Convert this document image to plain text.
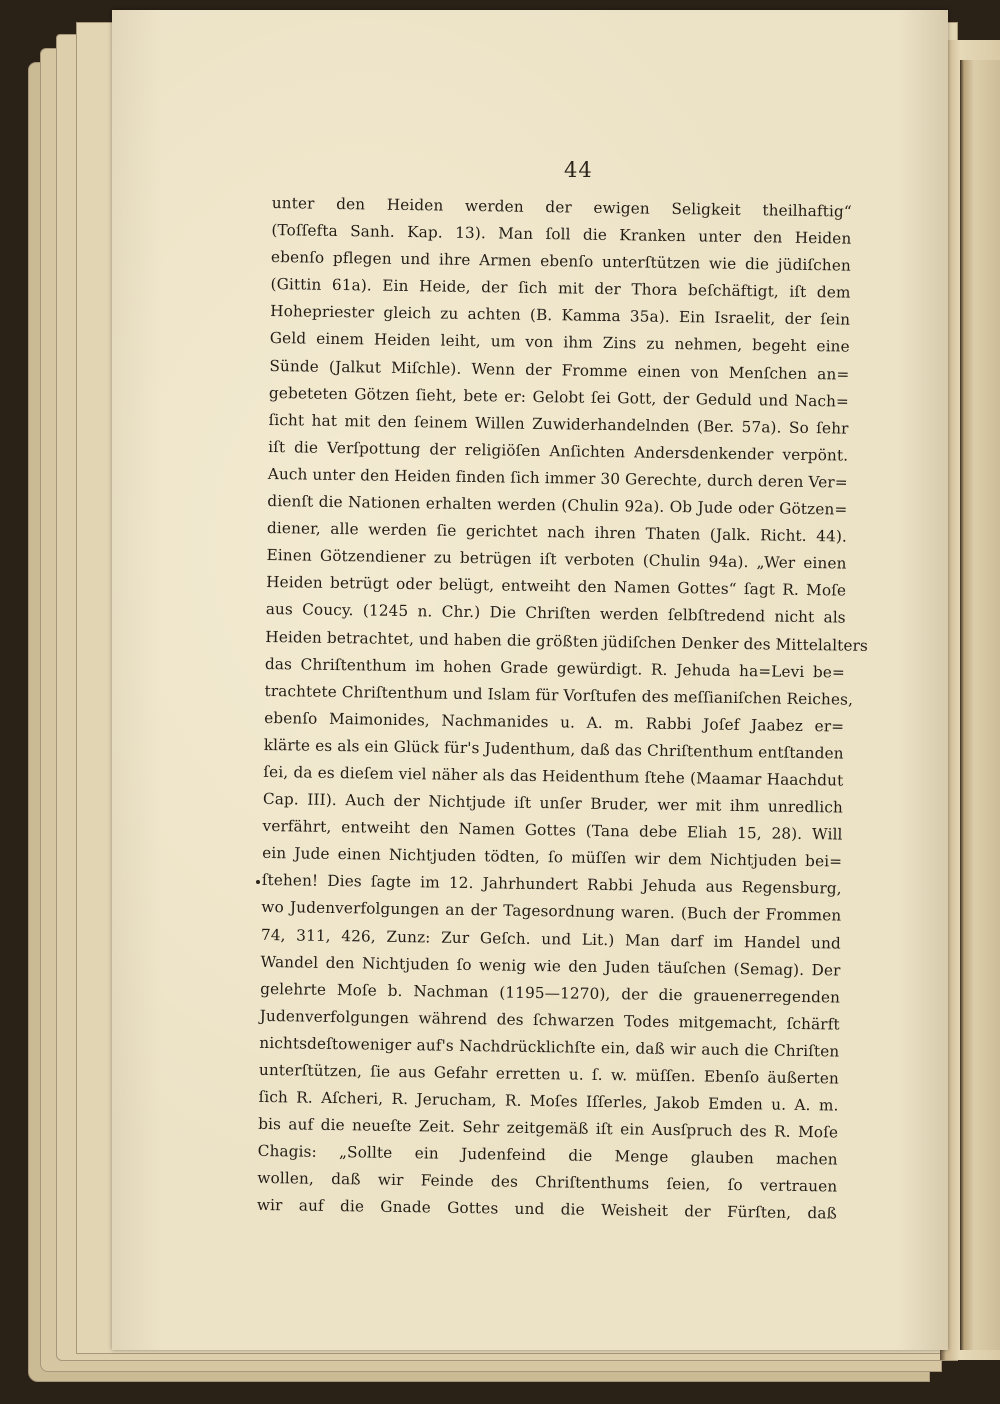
44
unter den Heiden werden der ewigen Seligkeit theilhaftig“
(Toſſefta Sanh. Kap. 13). Man ſoll die Kranken unter den Heiden
ebenſo pflegen und ihre Armen ebenſo unterſtützen wie die jüdiſchen
(Gittin 61a). Ein Heide, der ſich mit der Thora beſchäftigt, iſt dem
Hohepriester gleich zu achten (B. Kamma 35a). Ein Israelit, der ſein
Geld einem Heiden leiht, um von ihm Zins zu nehmen, begeht eine
Sünde (Jalkut Miſchle). Wenn der Fromme einen von Menſchen an=
gebeteten Götzen ſieht, bete er: Gelobt ſei Gott, der Geduld und Nach=
ſicht hat mit den ſeinem Willen Zuwiderhandelnden (Ber. 57a). So ſehr
iſt die Verſpottung der religiöſen Anſichten Andersdenkender verpönt.
Auch unter den Heiden finden ſich immer 30 Gerechte, durch deren Ver=
dienſt die Nationen erhalten werden (Chulin 92a). Ob Jude oder Götzen=
diener, alle werden ſie gerichtet nach ihren Thaten (Jalk. Richt. 44).
Einen Götzendiener zu betrügen iſt verboten (Chulin 94a). „Wer einen
Heiden betrügt oder belügt, entweiht den Namen Gottes“ ſagt R. Moſe
aus Coucy. (1245 n. Chr.) Die Chriſten werden ſelbſtredend nicht als
Heiden betrachtet, und haben die größten jüdiſchen Denker des Mittelalters
das Chriſtenthum im hohen Grade gewürdigt. R. Jehuda ha=Levi be=
trachtete Chriſtenthum und Islam für Vorſtufen des meſſianiſchen Reiches,
ebenſo Maimonides, Nachmanides u. A. m. Rabbi Joſef Jaabez er=
klärte es als ein Glück für's Judenthum, daß das Chriſtenthum entſtanden
ſei, da es dieſem viel näher als das Heidenthum ſtehe (Maamar Haachdut
Cap. III). Auch der Nichtjude iſt unſer Bruder, wer mit ihm unredlich
verfährt, entweiht den Namen Gottes (Tana debe Eliah 15, 28). Will
ein Jude einen Nichtjuden tödten, ſo müſſen wir dem Nichtjuden bei=
ſtehen! Dies ſagte im 12. Jahrhundert Rabbi Jehuda aus Regensburg,
wo Judenverfolgungen an der Tagesordnung waren. (Buch der Frommen
74, 311, 426, Zunz: Zur Geſch. und Lit.) Man darf im Handel und
Wandel den Nichtjuden ſo wenig wie den Juden täuſchen (Semag). Der
gelehrte Moſe b. Nachman (1195—1270), der die grauenerregenden
Judenverfolgungen während des ſchwarzen Todes mitgemacht, ſchärft
nichtsdeſtoweniger auf's Nachdrücklichſte ein, daß wir auch die Chriſten
unterſtützen, ſie aus Gefahr erretten u. ſ. w. müſſen. Ebenſo äußerten
ſich R. Aſcheri, R. Jerucham, R. Moſes Iſſerles, Jakob Emden u. A. m.
bis auf die neueſte Zeit. Sehr zeitgemäß iſt ein Ausſpruch des R. Moſe
Chagis: „Sollte ein Judenfeind die Menge glauben machen
wollen, daß wir Feinde des Chriſtenthums ſeien, ſo vertrauen
wir auf die Gnade Gottes und die Weisheit der Fürſten, daß
